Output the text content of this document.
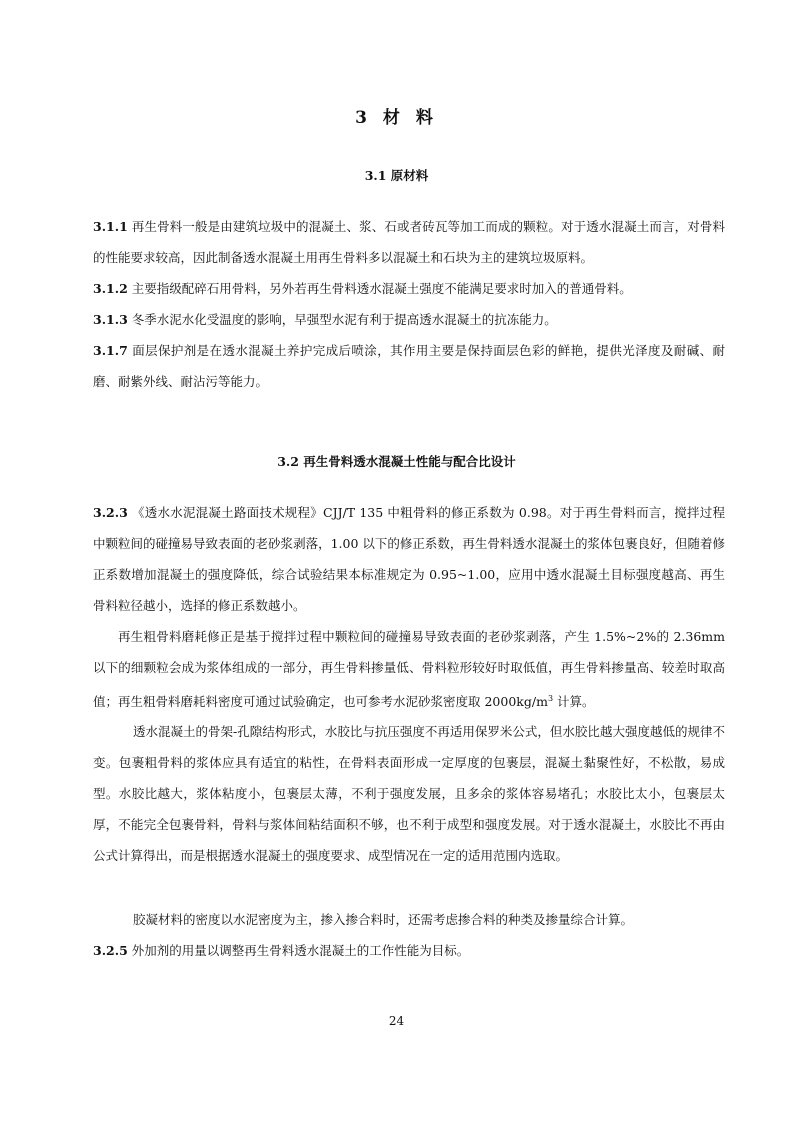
3 材 料
3.1 原材料

3.1.1 再生骨料一般是由建筑垃圾中的混凝土、浆、石或者砖瓦等加工而成的颗粒。对于透水混凝土而言，对骨料的性能要求较高，因此制备透水混凝土用再生骨料多以混凝土和石块为主的建筑垃圾原料。

3.1.2 主要指级配碎石用骨料，另外若再生骨料透水混凝土强度不能满足要求时加入的普通骨料。

3.1.3 冬季水泥水化受温度的影响，早强型水泥有利于提高透水混凝土的抗冻能力。

3.1.7 面层保护剂是在透水混凝土养护完成后喷涂，其作用主要是保持面层色彩的鲜艳，提供光泽度及耐碱、耐磨、耐紫外线、耐沾污等能力。

3.2 再生骨料透水混凝土性能与配合比设计

3.2.3 《透水水泥混凝土路面技术规程》CJJ/T 135 中粗骨料的修正系数为 0.98。对于再生骨料而言，搅拌过程中颗粒间的碰撞易导致表面的老砂浆剥落，1.00 以下的修正系数，再生骨料透水混凝土的浆体包裹良好，但随着修正系数增加混凝土的强度降低，综合试验结果本标准规定为 0.95~1.00，应用中透水混凝土目标强度越高、再生骨料粒径越小，选择的修正系数越小。

再生粗骨料磨耗修正是基于搅拌过程中颗粒间的碰撞易导致表面的老砂浆剥落，产生 1.5%~2%的 2.36mm 以下的细颗粒会成为浆体组成的一部分，再生骨料掺量低、骨料粒形较好时取低值，再生骨料掺量高、较差时取高值；再生粗骨料磨耗料密度可通过试验确定，也可参考水泥砂浆密度取 $2000kg/m^3$ 计算。

透水混凝土的骨架-孔隙结构形式，水胶比与抗压强度不再适用保罗米公式，但水胶比越大强度越低的规律不变。包裹粗骨料的浆体应具有适宜的粘性，在骨料表面形成一定厚度的包裹层，混凝土黏聚性好，不松散，易成型。水胶比越大，浆体粘度小，包裹层太薄，不利于强度发展，且多余的浆体容易堵孔；水胶比太小，包裹层太厚，不能完全包裹骨料，骨料与浆体间粘结面积不够，也不利于成型和强度发展。对于透水混凝土，水胶比不再由公式计算得出，而是根据透水混凝土的强度要求、成型情况在一定的适用范围内选取。

胶凝材料的密度以水泥密度为主，掺入掺合料时，还需考虑掺合料的种类及掺量综合计算。

3.2.5 外加剂的用量以调整再生骨料透水混凝土的工作性能为目标。

24
